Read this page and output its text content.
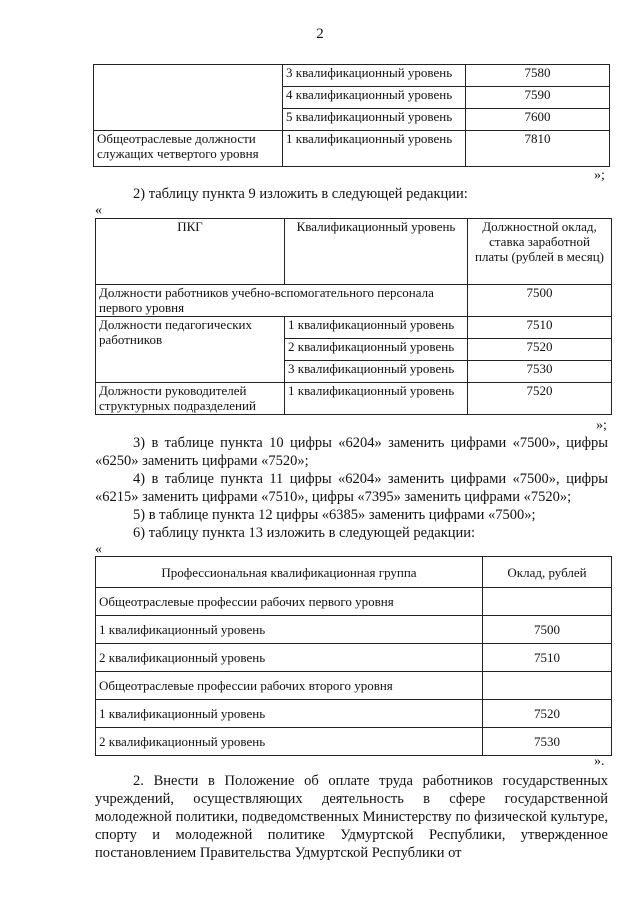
2
	3 квалификационный уровень	7580
	4 квалификационный уровень	7590
	5 квалификационный уровень	7600
Общеотраслевые должности служащих четвертого уровня	1 квалификационный уровень	7810
»;
2) таблицу пункта 9 изложить в следующей редакции:
«
ПКГ	Квалификационный уровень	Должностной оклад, ставка заработной платы (рублей в месяц)
Должности работников учебно-вспомогательного персонала первого уровня		7500
Должности педагогических работников	1 квалификационный уровень	7510
	2 квалификационный уровень	7520
	3 квалификационный уровень	7530
Должности руководителей структурных подразделений	1 квалификационный уровень	7520
»;
3) в таблице пункта 10 цифры «6204» заменить цифрами «7500», цифры «6250» заменить цифрами «7520»;
4) в таблице пункта 11 цифры «6204» заменить цифрами «7500», цифры «6215» заменить цифрами «7510», цифры «7395» заменить цифрами «7520»;
5) в таблице пункта 12 цифры «6385» заменить цифрами «7500»;
6) таблицу пункта 13 изложить в следующей редакции:
«
Профессиональная квалификационная группа	Оклад, рублей
Общеотраслевые профессии рабочих первого уровня	
1 квалификационный уровень	7500
2 квалификационный уровень	7510
Общеотраслевые профессии рабочих второго уровня	
1 квалификационный уровень	7520
2 квалификационный уровень	7530
».
2. Внести в Положение об оплате труда работников государственных учреждений, осуществляющих деятельность в сфере государственной молодежной политики, подведомственных Министерству по физической культуре, спорту и молодежной политике Удмуртской Республики, утвержденное постановлением Правительства Удмуртской Республики от
